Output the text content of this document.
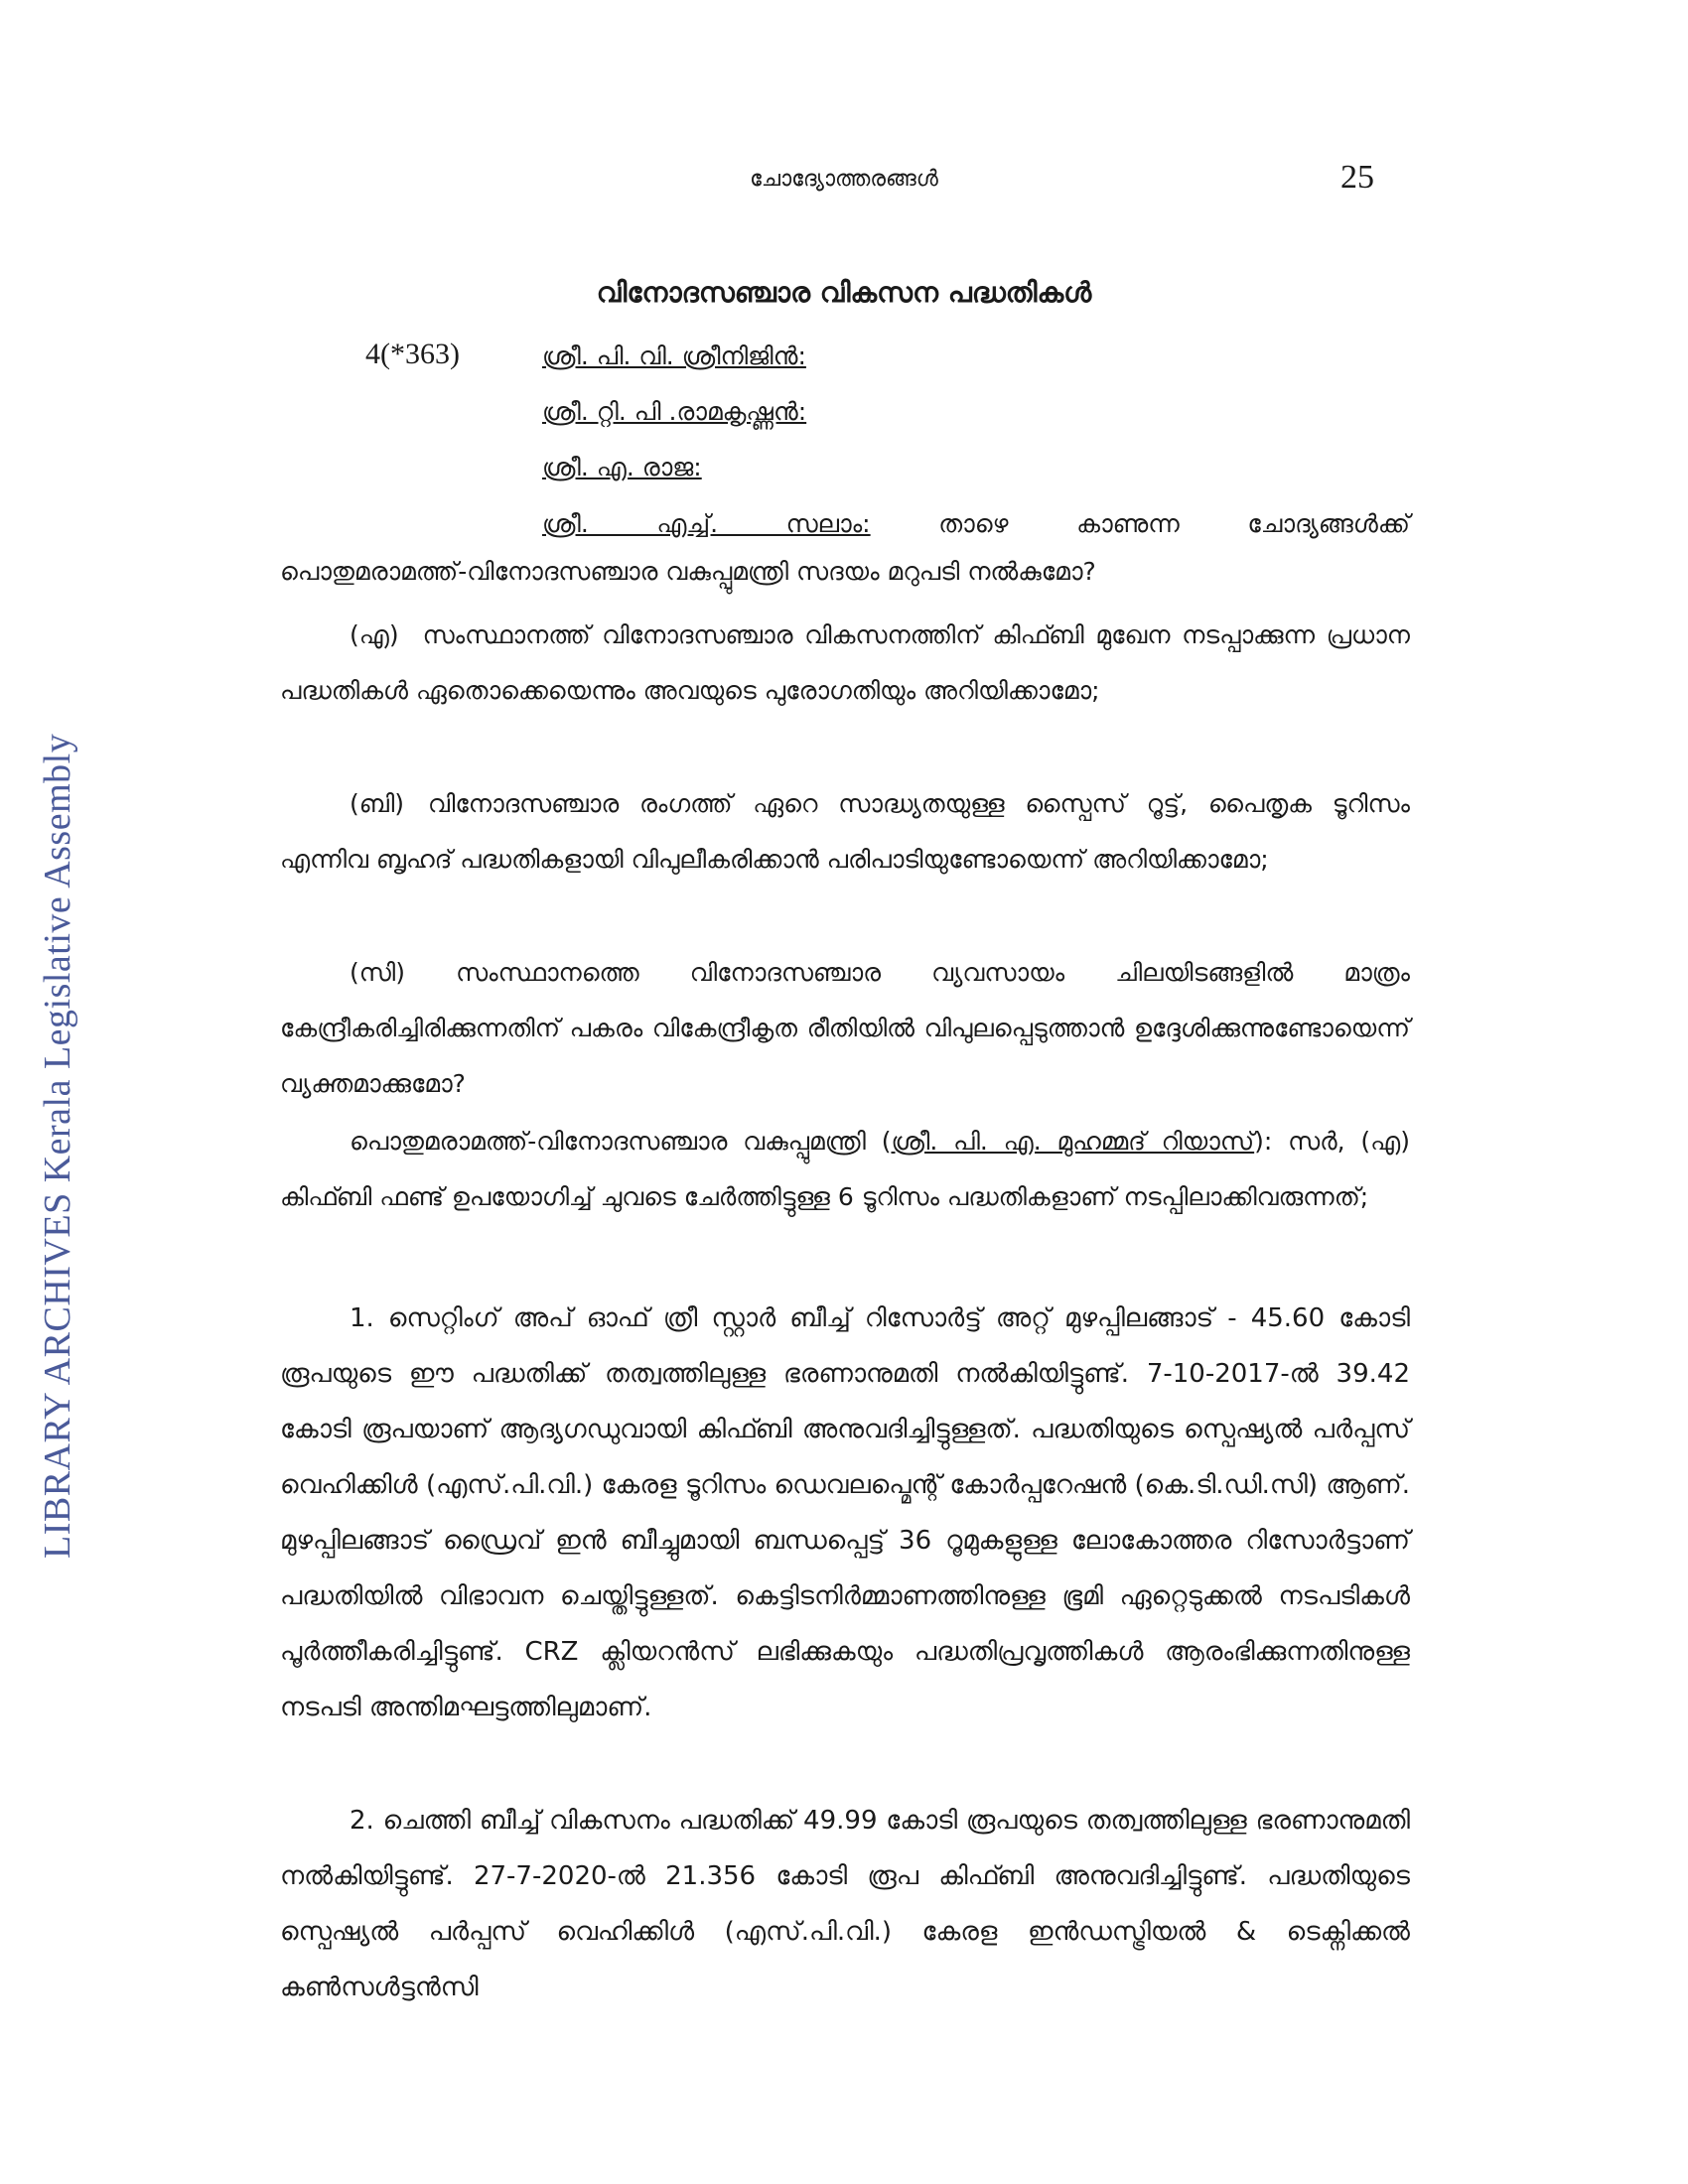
LIBRARY ARCHIVES Kerala Legislative Assembly
ചോദ്യോത്തരങ്ങൾ	25
വിനോദസഞ്ചാര വികസന പദ്ധതികൾ
4(*363)	ശ്രീ. പി. വി. ശ്രീനിജിൻ:
ശ്രീ. റ്റി. പി .രാമകൃഷ്ണൻ:
ശ്രീ. എ. രാജ:
ശ്രീ. എച്ച്. സലാം:	താഴെ കാണുന്ന ചോദ്യങ്ങൾക്ക്
പൊതുമരാമത്ത്-വിനോദസഞ്ചാര വകുപ്പുമന്ത്രി സദയം മറുപടി നൽകുമോ?
(എ) സംസ്ഥാനത്ത് വിനോദസഞ്ചാര വികസനത്തിന് കിഫ്ബി മുഖേന നടപ്പാക്കുന്ന പ്രധാന പദ്ധതികൾ ഏതൊക്കെയെന്നും അവയുടെ പുരോഗതിയും അറിയിക്കാമോ;
(ബി) വിനോദസഞ്ചാര രംഗത്ത് ഏറെ സാദ്ധ്യതയുള്ള സ്പൈസ് റൂട്ട്, പൈതൃക ടൂറിസം എന്നിവ ബൃഹദ് പദ്ധതികളായി വിപുലീകരിക്കാൻ പരിപാടിയുണ്ടോയെന്ന് അറിയിക്കാമോ;
(സി) സംസ്ഥാനത്തെ വിനോദസഞ്ചാര വ്യവസായം ചിലയിടങ്ങളിൽ മാത്രം കേന്ദ്രീകരിച്ചിരിക്കുന്നതിന് പകരം വികേന്ദ്രീകൃത രീതിയിൽ വിപുലപ്പെടുത്താൻ ഉദ്ദേശിക്കുന്നുണ്ടോയെന്ന് വ്യക്തമാക്കുമോ?
പൊതുമരാമത്ത്-വിനോദസഞ്ചാര വകുപ്പുമന്ത്രി (ശ്രീ. പി. എ. മുഹമ്മദ് റിയാസ്): സർ, (എ) കിഫ്ബി ഫണ്ട് ഉപയോഗിച്ച് ചുവടെ ചേർത്തിട്ടുള്ള 6 ടൂറിസം പദ്ധതികളാണ് നടപ്പിലാക്കിവരുന്നത്;
1. സെറ്റിംഗ് അപ് ഓഫ് ത്രീ സ്റ്റാർ ബീച്ച് റിസോർട്ട് അറ്റ് മുഴപ്പിലങ്ങാട് - 45.60 കോടി രൂപയുടെ ഈ പദ്ധതിക്ക് തത്വത്തിലുള്ള ഭരണാനുമതി നൽകിയിട്ടുണ്ട്. 7-10-2017-ൽ 39.42 കോടി രൂപയാണ് ആദ്യഗഡുവായി കിഫ്ബി അനുവദിച്ചിട്ടുള്ളത്. പദ്ധതിയുടെ സ്പെഷ്യൽ പർപ്പസ് വെഹിക്കിൾ (എസ്.പി.വി.) കേരള ടൂറിസം ഡെവലപ്മെന്റ് കോർപ്പറേഷൻ (കെ.ടി.ഡി.സി) ആണ്. മുഴപ്പിലങ്ങാട് ഡ്രൈവ് ഇൻ ബീച്ചുമായി ബന്ധപ്പെട്ട് 36 റൂമുകളുള്ള ലോകോത്തര റിസോർട്ടാണ് പദ്ധതിയിൽ വിഭാവന ചെയ്തിട്ടുള്ളത്. കെട്ടിടനിർമ്മാണത്തിനുള്ള ഭൂമി ഏറ്റെടുക്കൽ നടപടികൾ പൂർത്തീകരിച്ചിട്ടുണ്ട്. CRZ ക്ലിയറൻസ് ലഭിക്കുകയും പദ്ധതിപ്രവൃത്തികൾ ആരംഭിക്കുന്നതിനുള്ള നടപടി അന്തിമഘട്ടത്തിലുമാണ്.
2. ചെത്തി ബീച്ച് വികസനം പദ്ധതിക്ക് 49.99 കോടി രൂപയുടെ തത്വത്തിലുള്ള ഭരണാനുമതി നൽകിയിട്ടുണ്ട്. 27-7-2020-ൽ 21.356 കോടി രൂപ കിഫ്ബി അനുവദിച്ചിട്ടുണ്ട്. പദ്ധതിയുടെ സ്പെഷ്യൽ പർപ്പസ് വെഹിക്കിൾ (എസ്.പി.വി.) കേരള ഇൻഡസ്ട്രിയൽ & ടെക്നിക്കൽ കൺസൾട്ടൻസി
